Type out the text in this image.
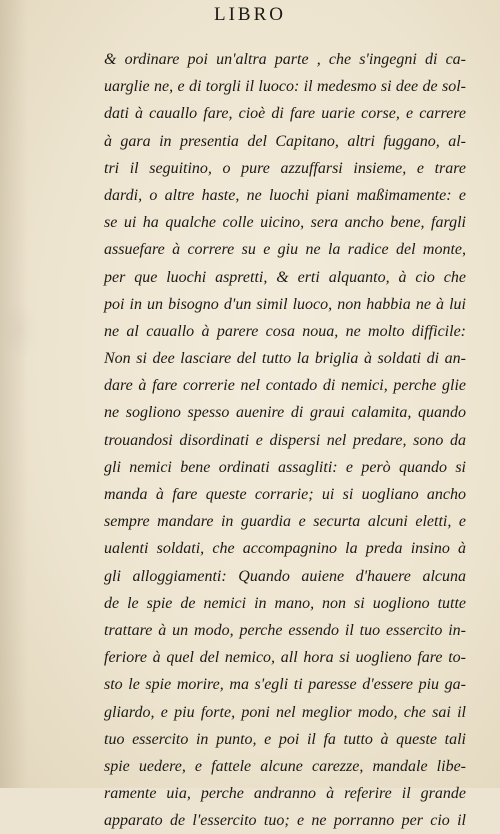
LIBRO
& ordinare poi un'altra parte , che s'ingegni di ca-
uarglie ne, e di torgli il luoco: il medesmo si dee de sol-
dati à cauallo fare, cioè di fare uarie corse, e carrere
à gara in presentia del Capitano, altri fuggano, al-
tri il seguitino, o pure azzuffarsi insieme, e trare
dardi, o altre haste, ne luochi piani maßimamente: e
se ui ha qualche colle uicino, sera ancho bene, fargli
assuefare à correre su e giu ne la radice del monte,
per que luochi aspretti, & erti alquanto, à cio che
poi in un bisogno d'un simil luoco, non habbia ne à lui
ne al cauallo à parere cosa noua, ne molto difficile:
Non si dee lasciare del tutto la briglia à soldati di an-
dare à fare correrie nel contado di nemici, perche glie
ne sogliono spesso auenire di graui calamita, quando
trouandosi disordinati e dispersi nel predare, sono da
gli nemici bene ordinati assagliti: e però quando si
manda à fare queste corrarie; ui si uogliano ancho
sempre mandare in guardia e securta alcuni eletti, e
ualenti soldati, che accompagnino la preda insino à
gli alloggiamenti: Quando auiene d'hauere alcuna
de le spie de nemici in mano, non si uogliono tutte
trattare à un modo, perche essendo il tuo essercito in-
feriore à quel del nemico, all hora si uoglieno fare to-
sto le spie morire, ma s'egli ti paresse d'essere piu ga-
gliardo, e piu forte, poni nel meglior modo, che sai il
tuo essercito in punto, e poi il fa tutto à queste tali
spie uedere, e fattele alcune carezze, mandale libe-
ramente uia, perche andranno à referire il grande
apparato de l'essercito tuo; e ne porranno per cio il
